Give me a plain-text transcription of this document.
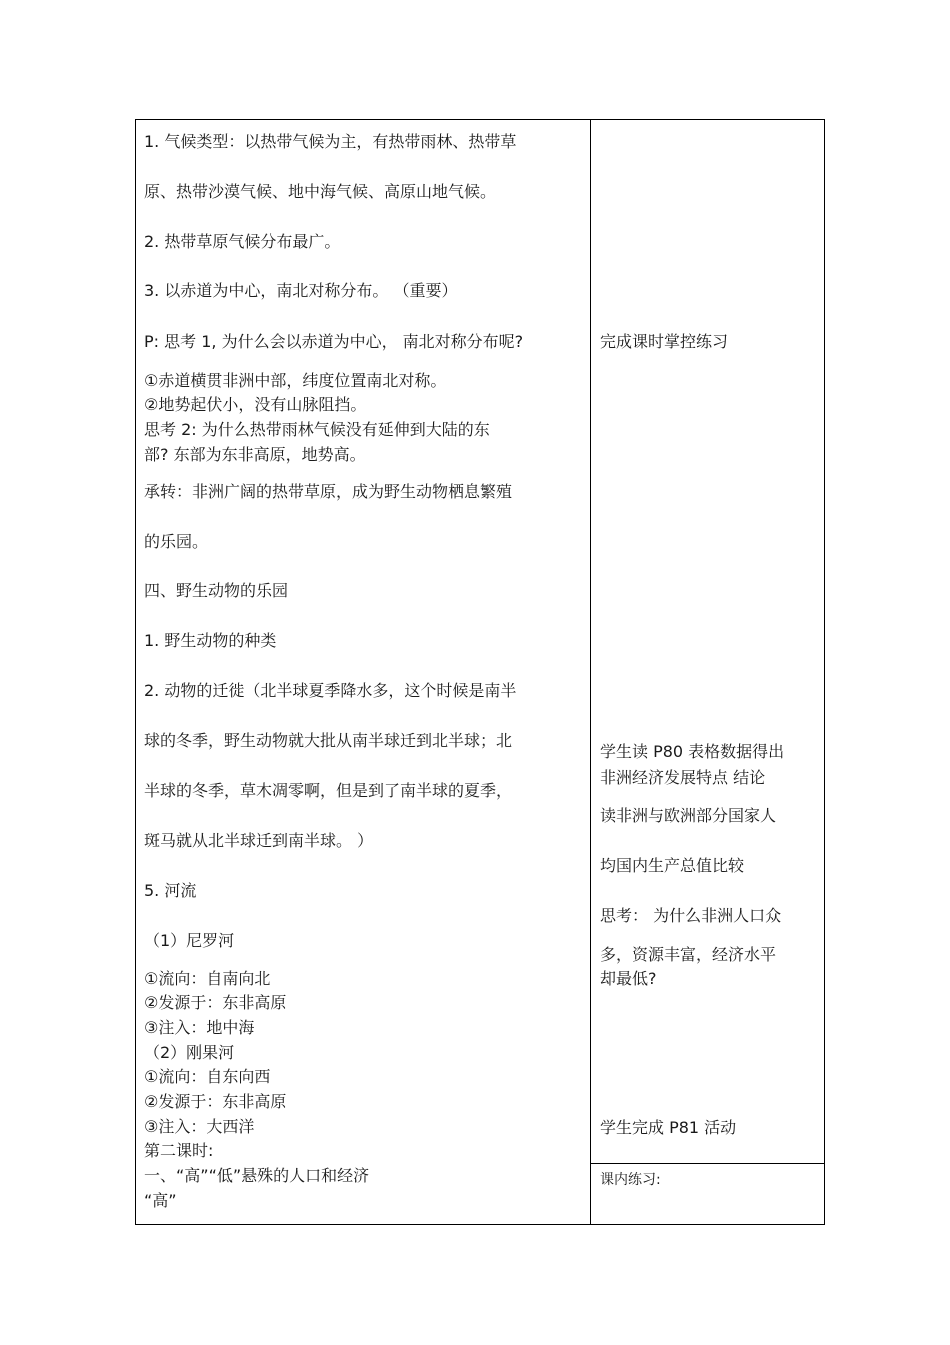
1. 气候类型：以热带气候为主，有热带雨林、热带草
原、热带沙漠气候、地中海气候、高原山地气候。
2. 热带草原气候分布最广。
3. 以赤道为中心，南北对称分布。 （重要）
P: 思考 1, 为什么会以赤道为中心， 南北对称分布呢?
①赤道横贯非洲中部，纬度位置南北对称。
②地势起伏小，没有山脉阻挡。
思考 2: 为什么热带雨林气候没有延伸到大陆的东
部? 东部为东非高原，地势高。
承转：非洲广阔的热带草原，成为野生动物栖息繁殖
的乐园。
四、野生动物的乐园
1. 野生动物的种类
2. 动物的迁徙（北半球夏季降水多，这个时候是南半
球的冬季，野生动物就大批从南半球迁到北半球；北
半球的冬季，草木凋零啊，但是到了南半球的夏季，
斑马就从北半球迁到南半球。 ）
5. 河流
（1）尼罗河
①流向：自南向北
②发源于：东非高原
③注入：地中海
（2）刚果河
①流向：自东向西
②发源于：东非高原
③注入：大西洋
第二课时:
一、“高”“低”悬殊的人口和经济
“高”
完成课时掌控练习
学生读 P80 表格数据得出
非洲经济发展特点 结论
读非洲与欧洲部分国家人
均国内生产总值比较
思考： 为什么非洲人口众
多，资源丰富，经济水平
却最低?
学生完成 P81 活动
课内练习:
